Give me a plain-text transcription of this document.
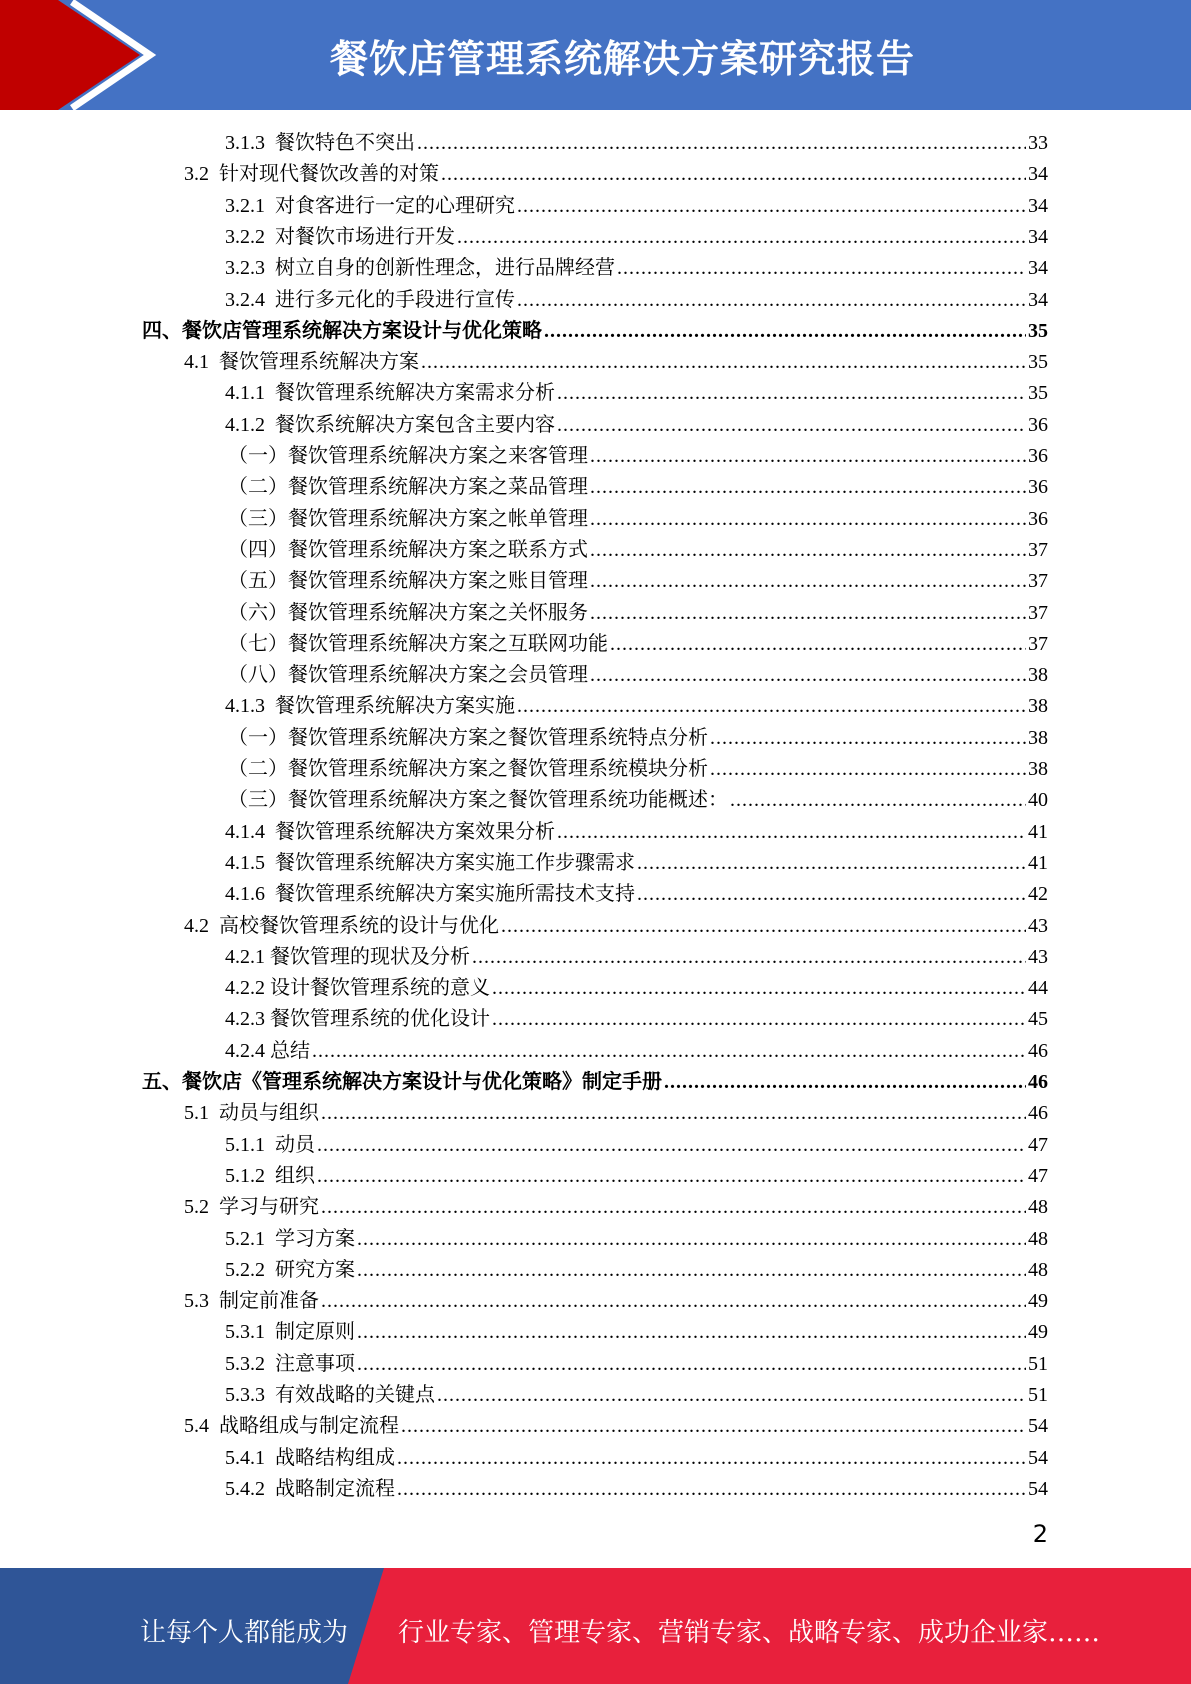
餐饮店管理系统解决方案研究报告
3.1.3 餐饮特色不突出 .....	33
3.2 针对现代餐饮改善的对策 .....	34
3.2.1 对食客进行一定的心理研究 .....	34
3.2.2 对餐饮市场进行开发 .....	34
3.2.3 树立自身的创新性理念，进行品牌经营 .....	34
3.2.4 进行多元化的手段进行宣传 .....	34
四、餐饮店管理系统解决方案设计与优化策略 .....	35
4.1 餐饮管理系统解决方案 .....	35
4.1.1 餐饮管理系统解决方案需求分析 .....	35
4.1.2 餐饮系统解决方案包含主要内容 .....	36
（一）餐饮管理系统解决方案之来客管理 .....	36
（二）餐饮管理系统解决方案之菜品管理 .....	36
（三）餐饮管理系统解决方案之帐单管理 .....	36
（四）餐饮管理系统解决方案之联系方式 .....	37
（五）餐饮管理系统解决方案之账目管理 .....	37
（六）餐饮管理系统解决方案之关怀服务 .....	37
（七）餐饮管理系统解决方案之互联网功能 .....	37
（八）餐饮管理系统解决方案之会员管理 .....	38
4.1.3 餐饮管理系统解决方案实施 .....	38
（一）餐饮管理系统解决方案之餐饮管理系统特点分析 .....	38
（二）餐饮管理系统解决方案之餐饮管理系统模块分析 .....	38
（三）餐饮管理系统解决方案之餐饮管理系统功能概述： .....	40
4.1.4 餐饮管理系统解决方案效果分析 .....	41
4.1.5 餐饮管理系统解决方案实施工作步骤需求 .....	41
4.1.6 餐饮管理系统解决方案实施所需技术支持 .....	42
4.2 高校餐饮管理系统的设计与优化 .....	43
4.2.1 餐饮管理的现状及分析 .....	43
4.2.2 设计餐饮管理系统的意义 .....	44
4.2.3 餐饮管理系统的优化设计 .....	45
4.2.4 总结 .....	46
五、餐饮店《管理系统解决方案设计与优化策略》制定手册 .....	46
5.1 动员与组织 .....	46
5.1.1 动员 .....	47
5.1.2 组织 .....	47
5.2 学习与研究 .....	48
5.2.1 学习方案 .....	48
5.2.2 研究方案 .....	48
5.3 制定前准备 .....	49
5.3.1 制定原则 .....	49
5.3.2 注意事项 .....	51
5.3.3 有效战略的关键点 .....	51
5.4 战略组成与制定流程 .....	54
5.4.1 战略结构组成 .....	54
5.4.2 战略制定流程 .....	54
2
让每个人都能成为 行业专家、管理专家、营销专家、战略专家、成功企业家……
